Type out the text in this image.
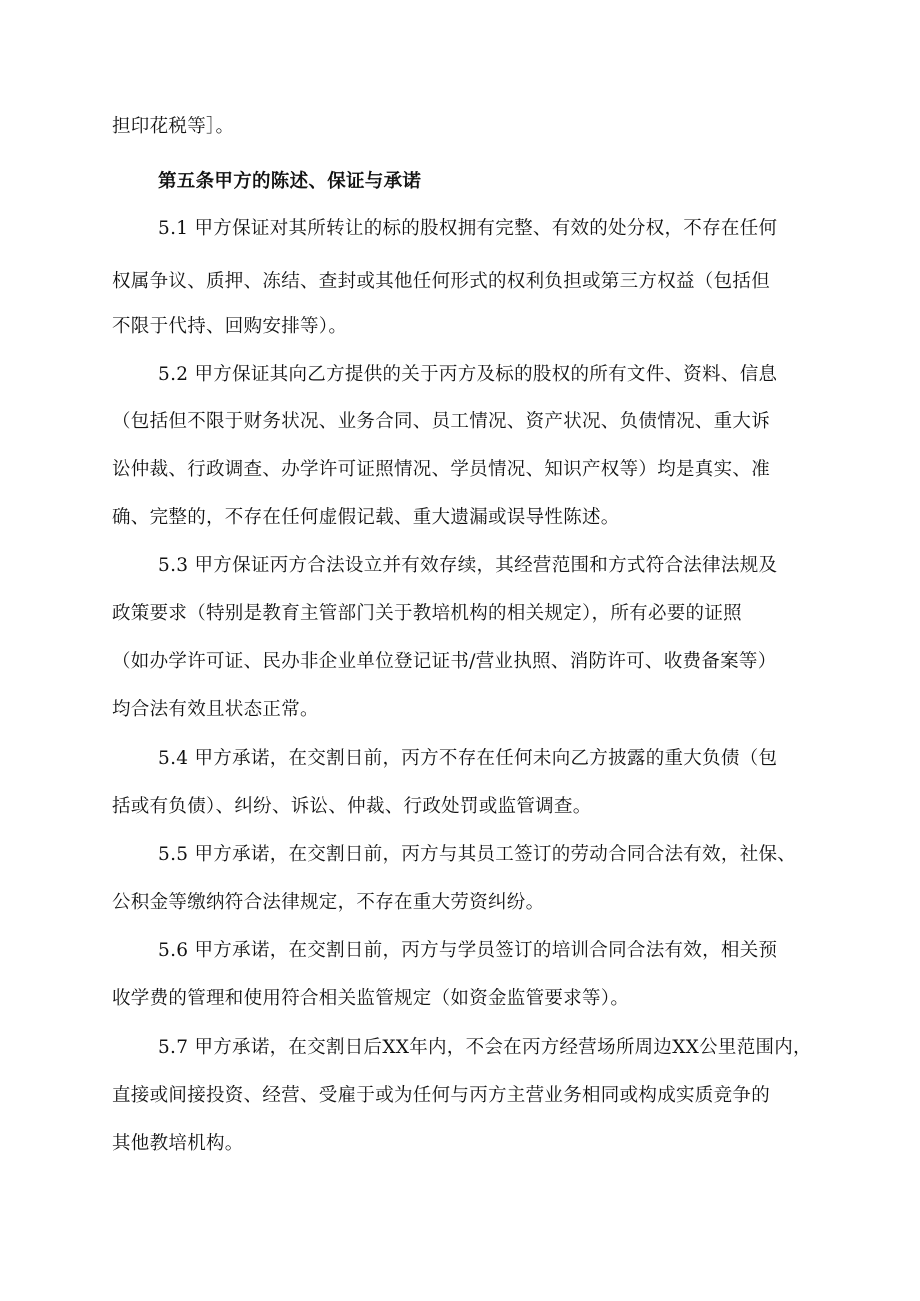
担印花税等］。
第五条甲方的陈述、保证与承诺
5.1 甲方保证对其所转让的标的股权拥有完整、有效的处分权，不存在任何
权属争议、质押、冻结、查封或其他任何形式的权利负担或第三方权益（包括但
不限于代持、回购安排等）。
5.2 甲方保证其向乙方提供的关于丙方及标的股权的所有文件、资料、信息
（包括但不限于财务状况、业务合同、员工情况、资产状况、负债情况、重大诉
讼仲裁、行政调查、办学许可证照情况、学员情况、知识产权等）均是真实、准
确、完整的，不存在任何虚假记载、重大遗漏或误导性陈述。
5.3 甲方保证丙方合法设立并有效存续，其经营范围和方式符合法律法规及
政策要求（特别是教育主管部门关于教培机构的相关规定），所有必要的证照
（如办学许可证、民办非企业单位登记证书/营业执照、消防许可、收费备案等）
均合法有效且状态正常。
5.4 甲方承诺，在交割日前，丙方不存在任何未向乙方披露的重大负债（包
括或有负债）、纠纷、诉讼、仲裁、行政处罚或监管调查。
5.5 甲方承诺，在交割日前，丙方与其员工签订的劳动合同合法有效，社保、
公积金等缴纳符合法律规定，不存在重大劳资纠纷。
5.6 甲方承诺，在交割日前，丙方与学员签订的培训合同合法有效，相关预
收学费的管理和使用符合相关监管规定（如资金监管要求等）。
5.7 甲方承诺，在交割日后XX年内，不会在丙方经营场所周边XX公里范围内，
直接或间接投资、经营、受雇于或为任何与丙方主营业务相同或构成实质竞争的
其他教培机构。
